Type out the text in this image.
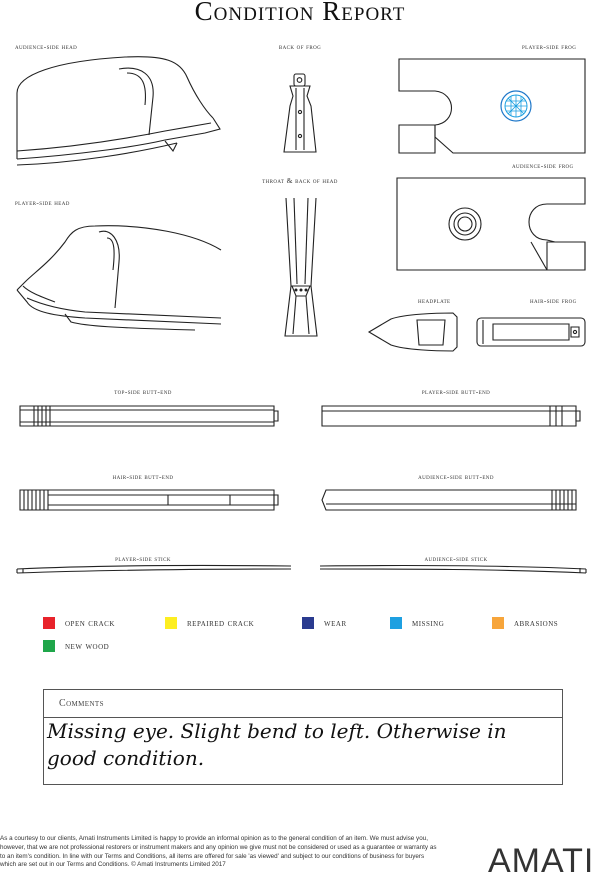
Condition Report
audience-side head	back of frog	player-side frog
audience-side frog
player-side head
throat & back of head
headplate	hair-side frog
top-side butt-end	player-side butt-end
hair-side butt-end	audience-side butt-end
player-side stick	audience-side stick
open crack	repaired crack	wear	missing	abrasions
new wood
Comments
Missing eye. Slight bend to left. Otherwise in
good condition.
As a courtesy to our clients, Amati Instruments Limited is happy to provide an informal opinion as to the general condition of an item. We must advise you, however, that we are not professional restorers or instrument makers and any opinion we give must not be considered or used as a guarantee or warranty as to an item's condition. In line with our Terms and Conditions, all items are offered for sale 'as viewed' and subject to our conditions of business for buyers which are set out in our Terms and Conditions. © Amati Instruments Limited 2017	AMATI
